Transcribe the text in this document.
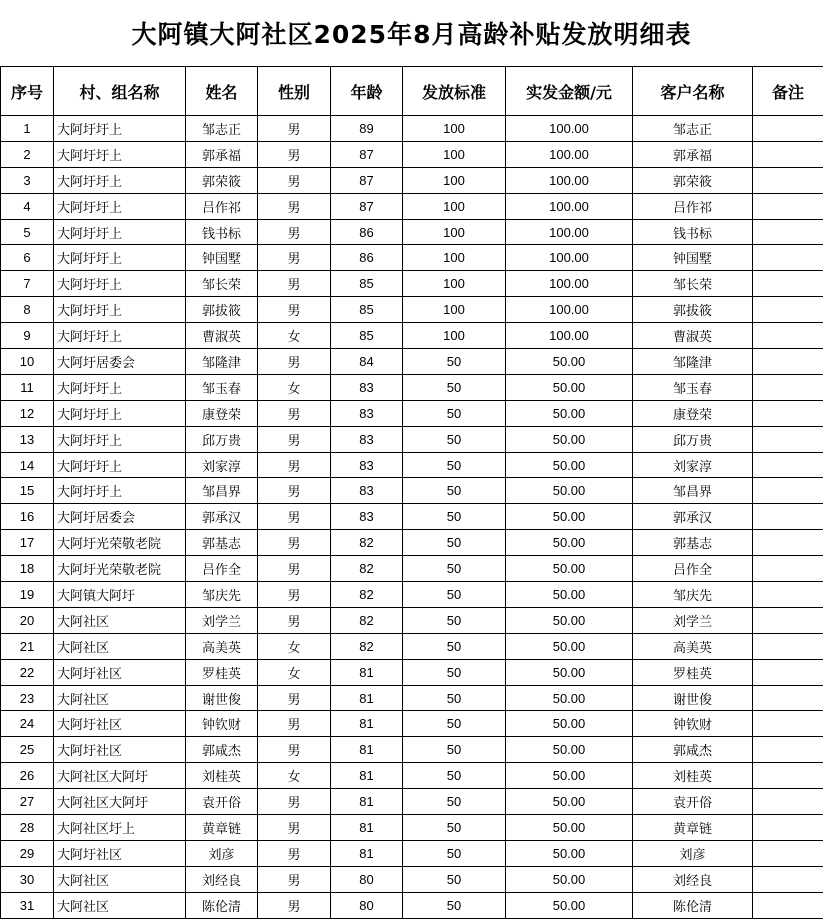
大阿镇大阿社区2025年8月高龄补贴发放明细表
序号	村、组名称	姓名	性别	年龄	发放标准	实发金额/元	客户名称	备注
1	大阿圩圩上	邹志正	男	89	100	100.00	邹志正	
2	大阿圩圩上	郭承福	男	87	100	100.00	郭承福	
3	大阿圩圩上	郭荣筱	男	87	100	100.00	郭荣筱	
4	大阿圩圩上	吕作祁	男	87	100	100.00	吕作祁	
5	大阿圩圩上	钱书标	男	86	100	100.00	钱书标	
6	大阿圩圩上	钟国墅	男	86	100	100.00	钟国墅	
7	大阿圩圩上	邹长荣	男	85	100	100.00	邹长荣	
8	大阿圩圩上	郭拔筱	男	85	100	100.00	郭拔筱	
9	大阿圩圩上	曹淑英	女	85	100	100.00	曹淑英	
10	大阿圩居委会	邹隆津	男	84	50	50.00	邹隆津	
11	大阿圩圩上	邹玉春	女	83	50	50.00	邹玉春	
12	大阿圩圩上	康登荣	男	83	50	50.00	康登荣	
13	大阿圩圩上	邱万贵	男	83	50	50.00	邱万贵	
14	大阿圩圩上	刘家淳	男	83	50	50.00	刘家淳	
15	大阿圩圩上	邹昌界	男	83	50	50.00	邹昌界	
16	大阿圩居委会	郭承汉	男	83	50	50.00	郭承汉	
17	大阿圩光荣敬老院	郭基志	男	82	50	50.00	郭基志	
18	大阿圩光荣敬老院	吕作全	男	82	50	50.00	吕作全	
19	大阿镇大阿圩	邹庆先	男	82	50	50.00	邹庆先	
20	大阿社区	刘学兰	男	82	50	50.00	刘学兰	
21	大阿社区	高美英	女	82	50	50.00	高美英	
22	大阿圩社区	罗桂英	女	81	50	50.00	罗桂英	
23	大阿社区	谢世俊	男	81	50	50.00	谢世俊	
24	大阿圩社区	钟钦财	男	81	50	50.00	钟钦财	
25	大阿圩社区	郭咸杰	男	81	50	50.00	郭咸杰	
26	大阿社区大阿圩	刘桂英	女	81	50	50.00	刘桂英	
27	大阿社区大阿圩	袁开俗	男	81	50	50.00	袁开俗	
28	大阿社区圩上	黄章链	男	81	50	50.00	黄章链	
29	大阿圩社区	刘彦	男	81	50	50.00	刘彦	
30	大阿社区	刘经良	男	80	50	50.00	刘经良	
31	大阿社区	陈伦清	男	80	50	50.00	陈伦清	
